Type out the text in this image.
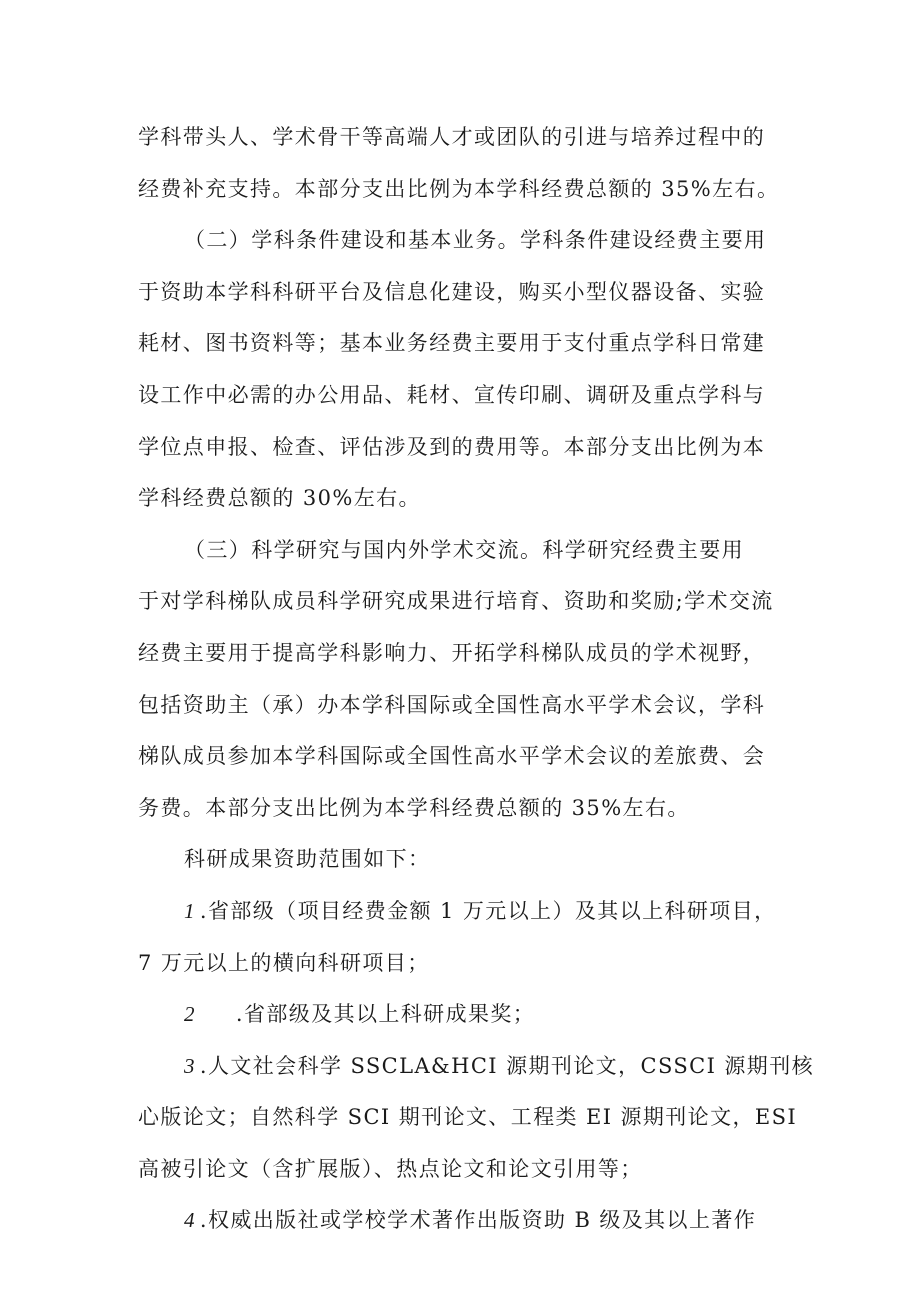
学科带头人、学术骨干等高端人才或团队的引进与培养过程中的
经费补充支持。本部分支出比例为本学科经费总额的 35%左右。
（二）学科条件建设和基本业务。学科条件建设经费主要用
于资助本学科科研平台及信息化建设，购买小型仪器设备、实验
耗材、图书资料等；基本业务经费主要用于支付重点学科日常建
设工作中必需的办公用品、耗材、宣传印刷、调研及重点学科与
学位点申报、检查、评估涉及到的费用等。本部分支出比例为本
学科经费总额的 30%左右。
（三）科学研究与国内外学术交流。科学研究经费主要用
于对学科梯队成员科学研究成果进行培育、资助和奖励;学术交流
经费主要用于提高学科影响力、开拓学科梯队成员的学术视野，
包括资助主（承）办本学科国际或全国性高水平学术会议，学科
梯队成员参加本学科国际或全国性高水平学术会议的差旅费、会
务费。本部分支出比例为本学科经费总额的 35%左右。
科研成果资助范围如下：
1 .省部级（项目经费金额 1 万元以上）及其以上科研项目，
7 万元以上的横向科研项目；
2 .省部级及其以上科研成果奖；
3 .人文社会科学 SSCLA&HCI 源期刊论文，CSSCI 源期刊核
心版论文；自然科学 SCI 期刊论文、工程类 EI 源期刊论文，ESI
高被引论文（含扩展版）、热点论文和论文引用等；
4 .权威出版社或学校学术著作出版资助 B 级及其以上著作
